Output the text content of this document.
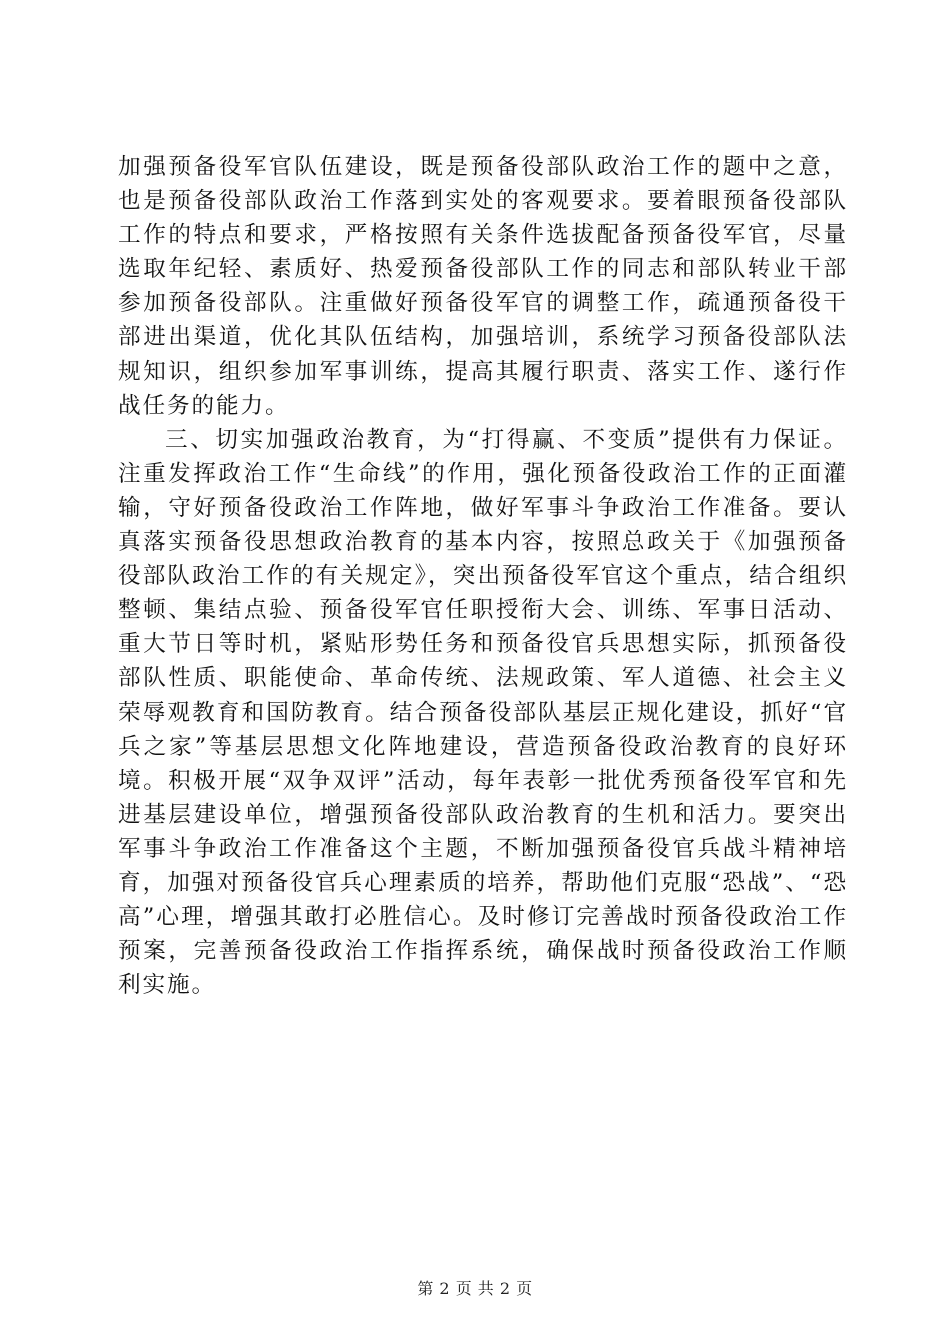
加强预备役军官队伍建设，既是预备役部队政治工作的题中之意，也是预备役部队政治工作落到实处的客观要求。要着眼预备役部队工作的特点和要求，严格按照有关条件选拔配备预备役军官，尽量选取年纪轻、素质好、热爱预备役部队工作的同志和部队转业干部参加预备役部队。注重做好预备役军官的调整工作，疏通预备役干部进出渠道，优化其队伍结构，加强培训，系统学习预备役部队法规知识，组织参加军事训练，提高其履行职责、落实工作、遂行作战任务的能力。

三、切实加强政治教育，为“打得赢、不变质”提供有力保证。注重发挥政治工作“生命线”的作用，强化预备役政治工作的正面灌输，守好预备役政治工作阵地，做好军事斗争政治工作准备。要认真落实预备役思想政治教育的基本内容，按照总政关于《加强预备役部队政治工作的有关规定》，突出预备役军官这个重点，结合组织整顿、集结点验、预备役军官任职授衔大会、训练、军事日活动、重大节日等时机，紧贴形势任务和预备役官兵思想实际，抓预备役部队性质、职能使命、革命传统、法规政策、军人道德、社会主义荣辱观教育和国防教育。结合预备役部队基层正规化建设，抓好“官兵之家”等基层思想文化阵地建设，营造预备役政治教育的良好环境。积极开展“双争双评”活动，每年表彰一批优秀预备役军官和先进基层建设单位，增强预备役部队政治教育的生机和活力。要突出军事斗争政治工作准备这个主题，不断加强预备役官兵战斗精神培育，加强对预备役官兵心理素质的培养，帮助他们克服“恐战”、“恐高”心理，增强其敢打必胜信心。及时修订完善战时预备役政治工作预案，完善预备役政治工作指挥系统，确保战时预备役政治工作顺利实施。

第 2 页 共 2 页
